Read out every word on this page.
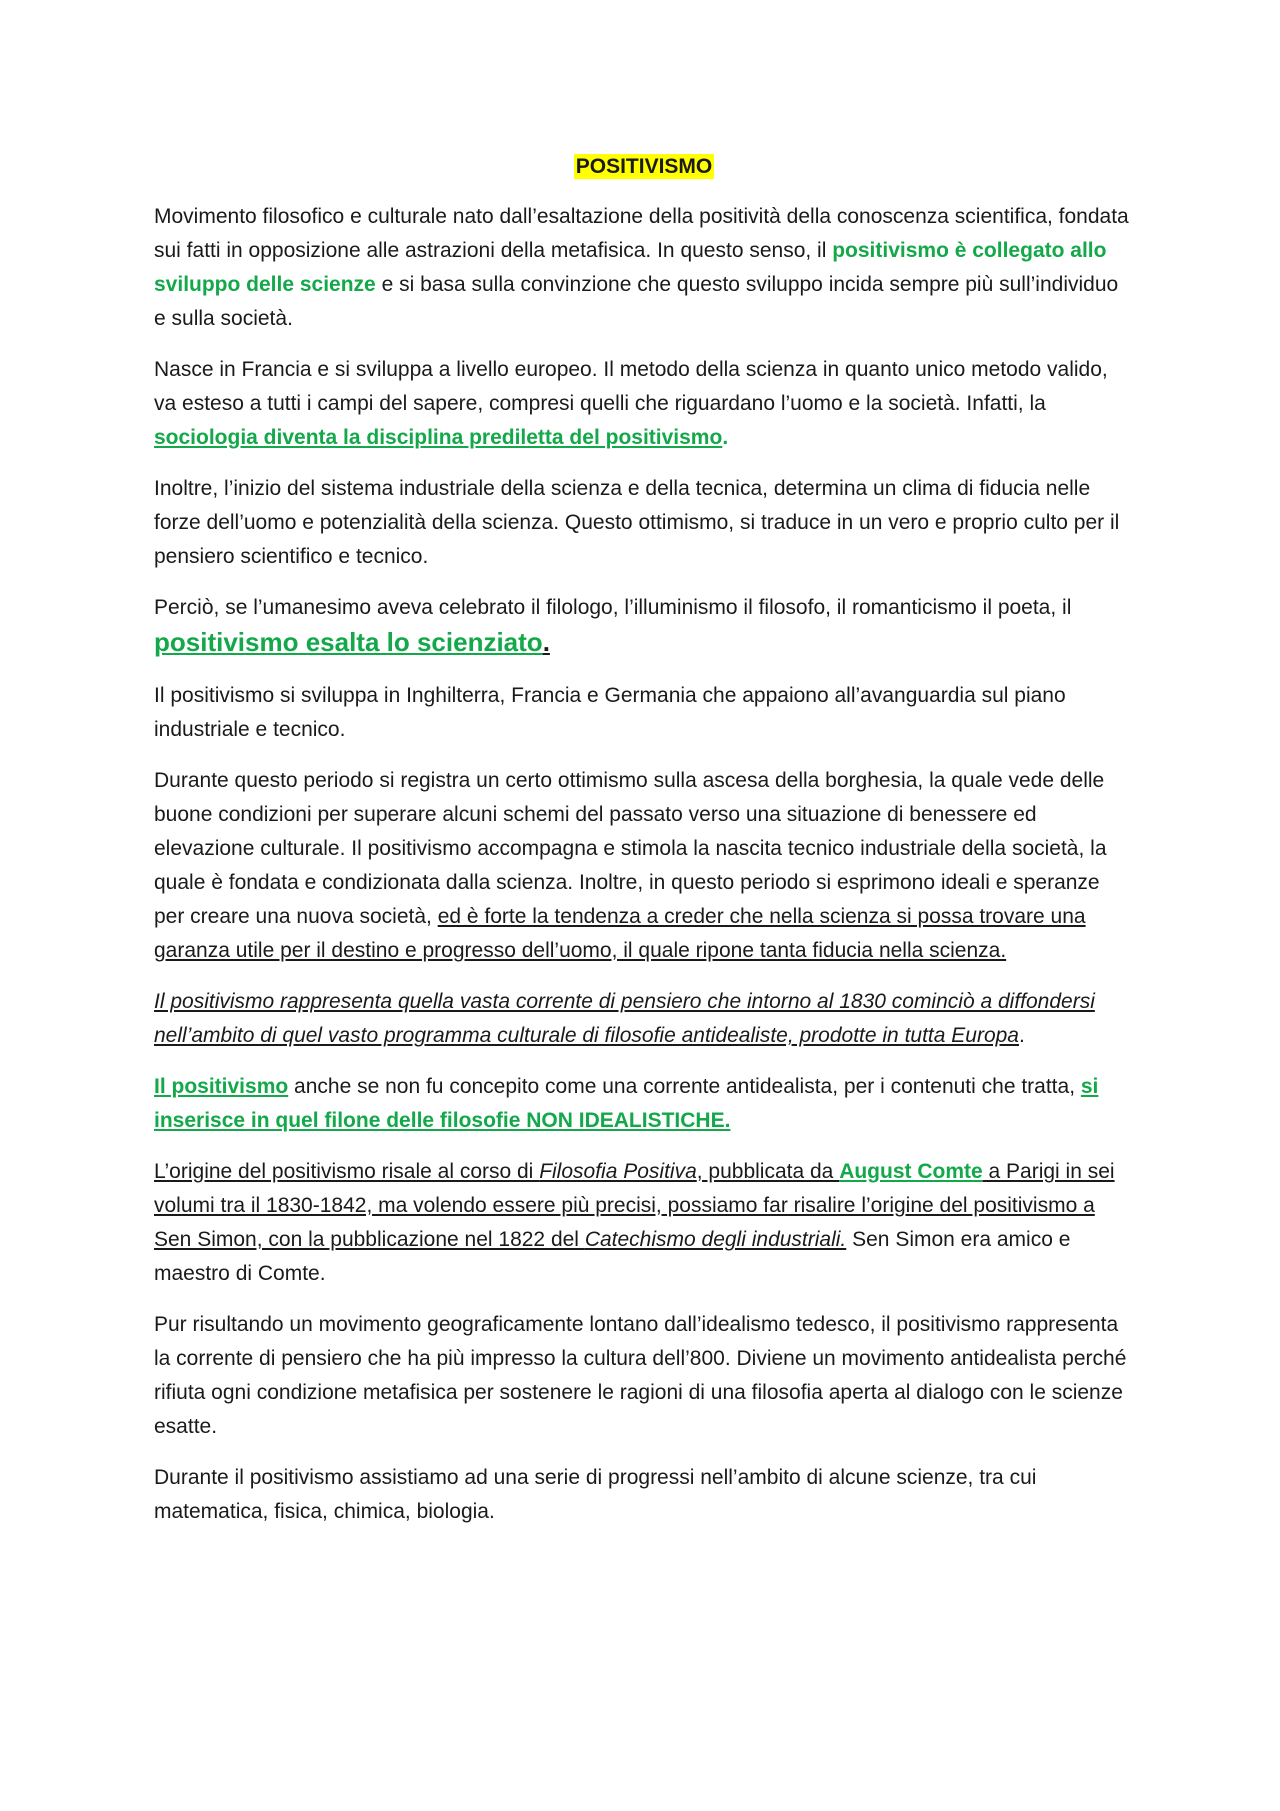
POSITIVISMO

Movimento filosofico e culturale nato dall’esaltazione della positività della conoscenza scientifica, fondata sui fatti in opposizione alle astrazioni della metafisica. In questo senso, il positivismo è collegato allo sviluppo delle scienze e si basa sulla convinzione che questo sviluppo incida sempre più sull’individuo e sulla società.

Nasce in Francia e si sviluppa a livello europeo. Il metodo della scienza in quanto unico metodo valido, va esteso a tutti i campi del sapere, compresi quelli che riguardano l’uomo e la società. Infatti, la sociologia diventa la disciplina prediletta del positivismo.

Inoltre, l’inizio del sistema industriale della scienza e della tecnica, determina un clima di fiducia nelle forze dell’uomo e potenzialità della scienza. Questo ottimismo, si traduce in un vero e proprio culto per il pensiero scientifico e tecnico.

Perciò, se l’umanesimo aveva celebrato il filologo, l’illuminismo il filosofo, il romanticismo il poeta, il positivismo esalta lo scienziato.

Il positivismo si sviluppa in Inghilterra, Francia e Germania che appaiono all’avanguardia sul piano industriale e tecnico.

Durante questo periodo si registra un certo ottimismo sulla ascesa della borghesia, la quale vede delle buone condizioni per superare alcuni schemi del passato verso una situazione di benessere ed elevazione culturale. Il positivismo accompagna e stimola la nascita tecnico industriale della società, la quale è fondata e condizionata dalla scienza. Inoltre, in questo periodo si esprimono ideali e speranze per creare una nuova società, ed è forte la tendenza a creder che nella scienza si possa trovare una garanza utile per il destino e progresso dell’uomo, il quale ripone tanta fiducia nella scienza.

Il positivismo rappresenta quella vasta corrente di pensiero che intorno al 1830 cominciò a diffondersi nell’ambito di quel vasto programma culturale di filosofie antidealiste, prodotte in tutta Europa.

Il positivismo anche se non fu concepito come una corrente antidealista, per i contenuti che tratta, si inserisce in quel filone delle filosofie NON IDEALISTICHE.

L’origine del positivismo risale al corso di Filosofia Positiva, pubblicata da August Comte a Parigi in sei volumi tra il 1830-1842, ma volendo essere più precisi, possiamo far risalire l’origine del positivismo a Sen Simon, con la pubblicazione nel 1822 del Catechismo degli industriali. Sen Simon era amico e maestro di Comte.

Pur risultando un movimento geograficamente lontano dall’idealismo tedesco, il positivismo rappresenta la corrente di pensiero che ha più impresso la cultura dell’800. Diviene un movimento antidealista perché rifiuta ogni condizione metafisica per sostenere le ragioni di una filosofia aperta al dialogo con le scienze esatte.

Durante il positivismo assistiamo ad una serie di progressi nell’ambito di alcune scienze, tra cui matematica, fisica, chimica, biologia.
